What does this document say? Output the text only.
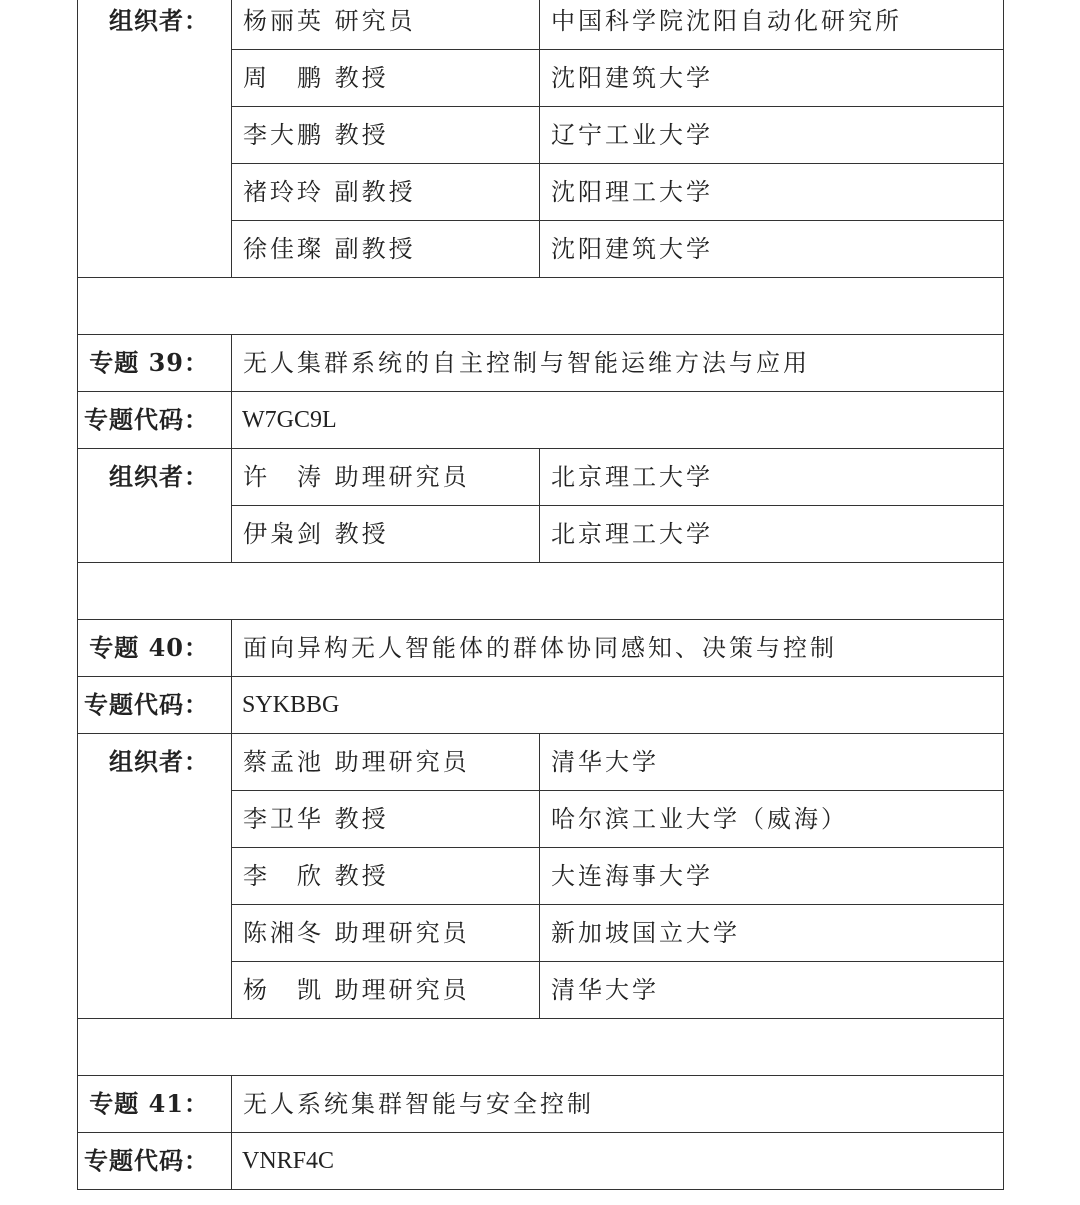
组织者：	杨丽英 研究员	中国科学院沈阳自动化研究所
	周　鹏 教授	沈阳建筑大学
	李大鹏 教授	辽宁工业大学
	褚玲玲 副教授	沈阳理工大学
	徐佳璨 副教授	沈阳建筑大学

专题 39：	无人集群系统的自主控制与智能运维方法与应用	
专题代码：	W7GC9L	
组织者：	许　涛 助理研究员	北京理工大学
	伊枭剑 教授	北京理工大学

专题 40：	面向异构无人智能体的群体协同感知、决策与控制	
专题代码：	SYKBBG	
组织者：	蔡孟池 助理研究员	清华大学
	李卫华 教授	哈尔滨工业大学（威海）
	李　欣 教授	大连海事大学
	陈湘冬 助理研究员	新加坡国立大学
	杨　凯 助理研究员	清华大学

专题 41：	无人系统集群智能与安全控制	
专题代码：	VNRF4C	
